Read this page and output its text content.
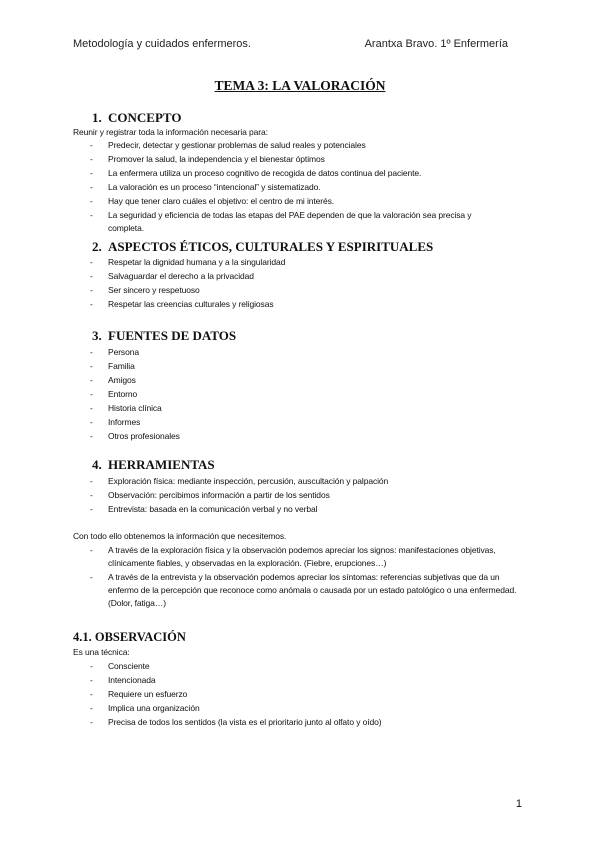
Metodología y cuidados enfermeros.	Arantxa Bravo. 1º Enfermería
TEMA 3: LA VALORACIÓN
1. CONCEPTO
Reunir y registrar toda la información necesaria para:
- Predecir, detectar y gestionar problemas de salud reales y potenciales
- Promover la salud, la independencia y el bienestar óptimos
- La enfermera utiliza un proceso cognitivo de recogida de datos continua del paciente.
- La valoración es un proceso “intencional” y sistematizado.
- Hay que tener claro cuáles el objetivo: el centro de mi interés.
- La seguridad y eficiencia de todas las etapas del PAE dependen de que la valoración sea precisa y completa.
2. ASPECTOS ÉTICOS, CULTURALES Y ESPIRITUALES
- Respetar la dignidad humana y a la singularidad
- Salvaguardar el derecho a la privacidad
- Ser sincero y respetuoso
- Respetar las creencias culturales y religiosas
3. FUENTES DE DATOS
- Persona
- Familia
- Amigos
- Entorno
- Historia clínica
- Informes
- Otros profesionales
4. HERRAMIENTAS
- Exploración física: mediante inspección, percusión, auscultación y palpación
- Observación: percibimos información a partir de los sentidos
- Entrevista: basada en la comunicación verbal y no verbal
Con todo ello obtenemos la información que necesitemos.
- A través de la exploración física y la observación podemos apreciar los signos: manifestaciones objetivas, clínicamente fiables, y observadas en la exploración. (Fiebre, erupciones…)
- A través de la entrevista y la observación podemos apreciar los síntomas: referencias subjetivas que da un enfermo de la percepción que reconoce como anómala o causada por un estado patológico o una enfermedad. (Dolor, fatiga…)
4.1. OBSERVACIÓN
Es una técnica:
- Consciente
- Intencionada
- Requiere un esfuerzo
- Implica una organización
- Precisa de todos los sentidos (la vista es el prioritario junto al olfato y oído)
1
